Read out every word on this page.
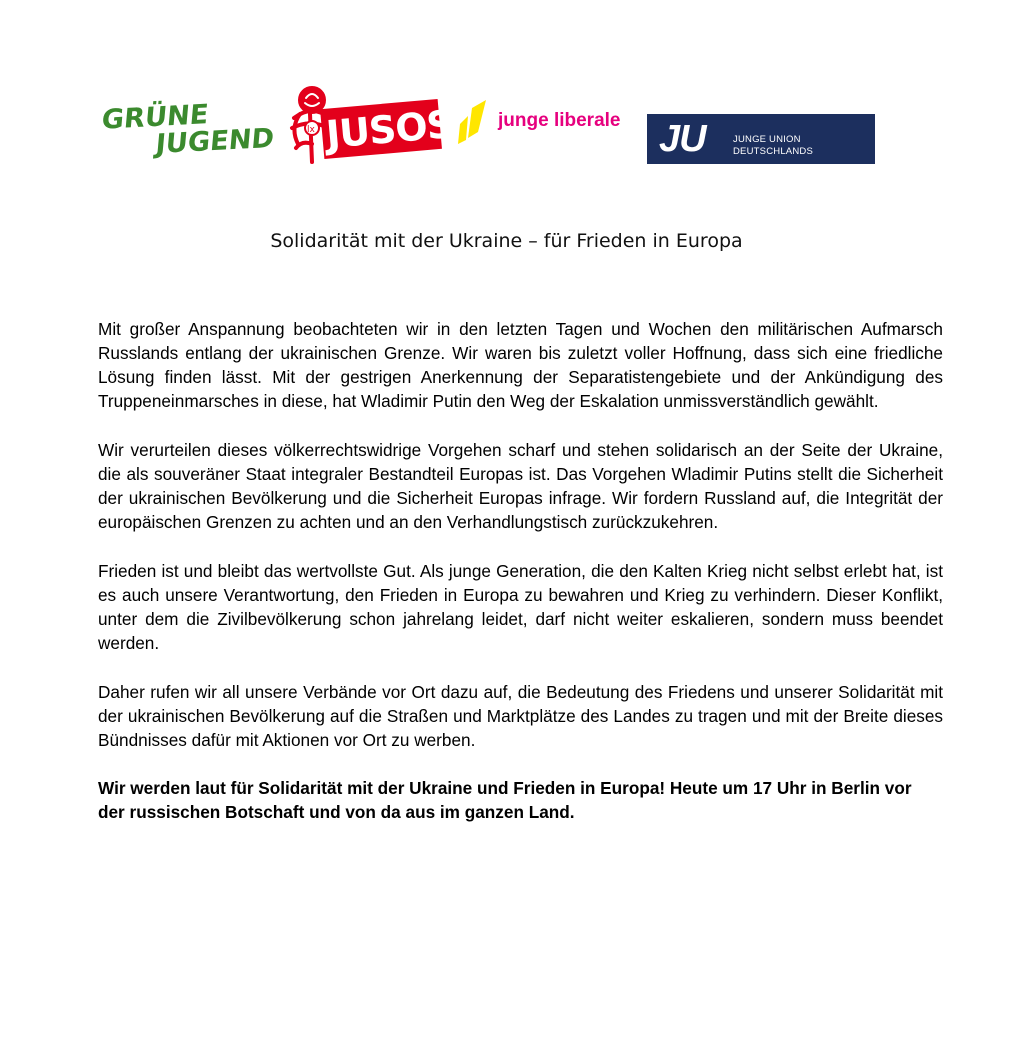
GRÜNE
JUGEND	lx JUSOS junge liberale JU	JUNGE UNION
DEUTSCHLANDS
Solidarität mit der Ukraine – für Frieden in Europa

Mit großer Anspannung beobachteten wir in den letzten Tagen und Wochen den militärischen Aufmarsch Russlands entlang der ukrainischen Grenze. Wir waren bis zuletzt voller Hoffnung, dass sich eine friedliche Lösung finden lässt. Mit der gestrigen Anerkennung der Separatistengebiete und der Ankündigung des Truppeneinmarsches in diese, hat Wladimir Putin den Weg der Eskalation unmissverständlich gewählt.

Wir verurteilen dieses völkerrechtswidrige Vorgehen scharf und stehen solidarisch an der Seite der Ukraine, die als souveräner Staat integraler Bestandteil Europas ist. Das Vorgehen Wladimir Putins stellt die Sicherheit der ukrainischen Bevölkerung und die Sicherheit Europas infrage. Wir fordern Russland auf, die Integrität der europäischen Grenzen zu achten und an den Verhandlungstisch zurückzukehren.

Frieden ist und bleibt das wertvollste Gut. Als junge Generation, die den Kalten Krieg nicht selbst erlebt hat, ist es auch unsere Verantwortung, den Frieden in Europa zu bewahren und Krieg zu verhindern. Dieser Konflikt, unter dem die Zivilbevölkerung schon jahrelang leidet, darf nicht weiter eskalieren, sondern muss beendet werden.

Daher rufen wir all unsere Verbände vor Ort dazu auf, die Bedeutung des Friedens und unserer Solidarität mit der ukrainischen Bevölkerung auf die Straßen und Marktplätze des Landes zu tragen und mit der Breite dieses Bündnisses dafür mit Aktionen vor Ort zu werben.

Wir werden laut für Solidarität mit der Ukraine und Frieden in Europa! Heute um 17 Uhr in Berlin vor der russischen Botschaft und von da aus im ganzen Land.
